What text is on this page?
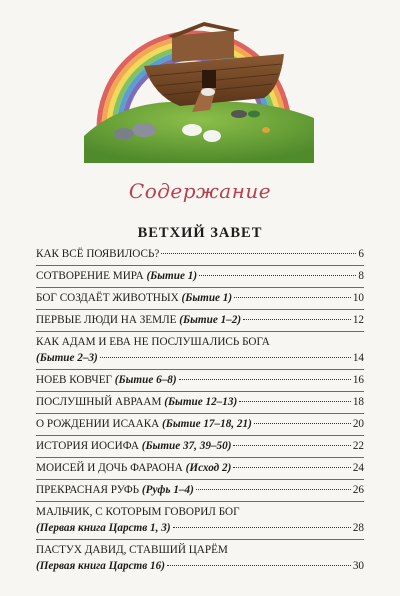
Содержание
ВЕТХИЙ ЗАВЕТ
КАК ВСЁ ПОЯВИЛОСЬ?	6
СОТВОРЕНИЕ МИРА (Бытие 1)	8
БОГ СОЗДАЁТ ЖИВОТНЫХ (Бытие 1)	10
ПЕРВЫЕ ЛЮДИ НА ЗЕМЛЕ (Бытие 1–2)	12
КАК АДАМ И ЕВА НЕ ПОСЛУШАЛИСЬ БОГА
(Бытие 2–3)	14
НОЕВ КОВЧЕГ (Бытие 6–8)	16
ПОСЛУШНЫЙ АВРААМ (Бытие 12–13)	18
О РОЖДЕНИИ ИСААКА (Бытие 17–18, 21)	20
ИСТОРИЯ ИОСИФА (Бытие 37, 39–50)	22
МОИСЕЙ И ДОЧЬ ФАРАОНА (Исход 2)	24
ПРЕКРАСНАЯ РУФЬ (Руфь 1–4)	26
МАЛЬЧИК, С КОТОРЫМ ГОВОРИЛ БОГ
(Первая книга Царств 1, 3)	28
ПАСТУХ ДАВИД, СТАВШИЙ ЦАРЁМ
(Первая книга Царств 16)	30
